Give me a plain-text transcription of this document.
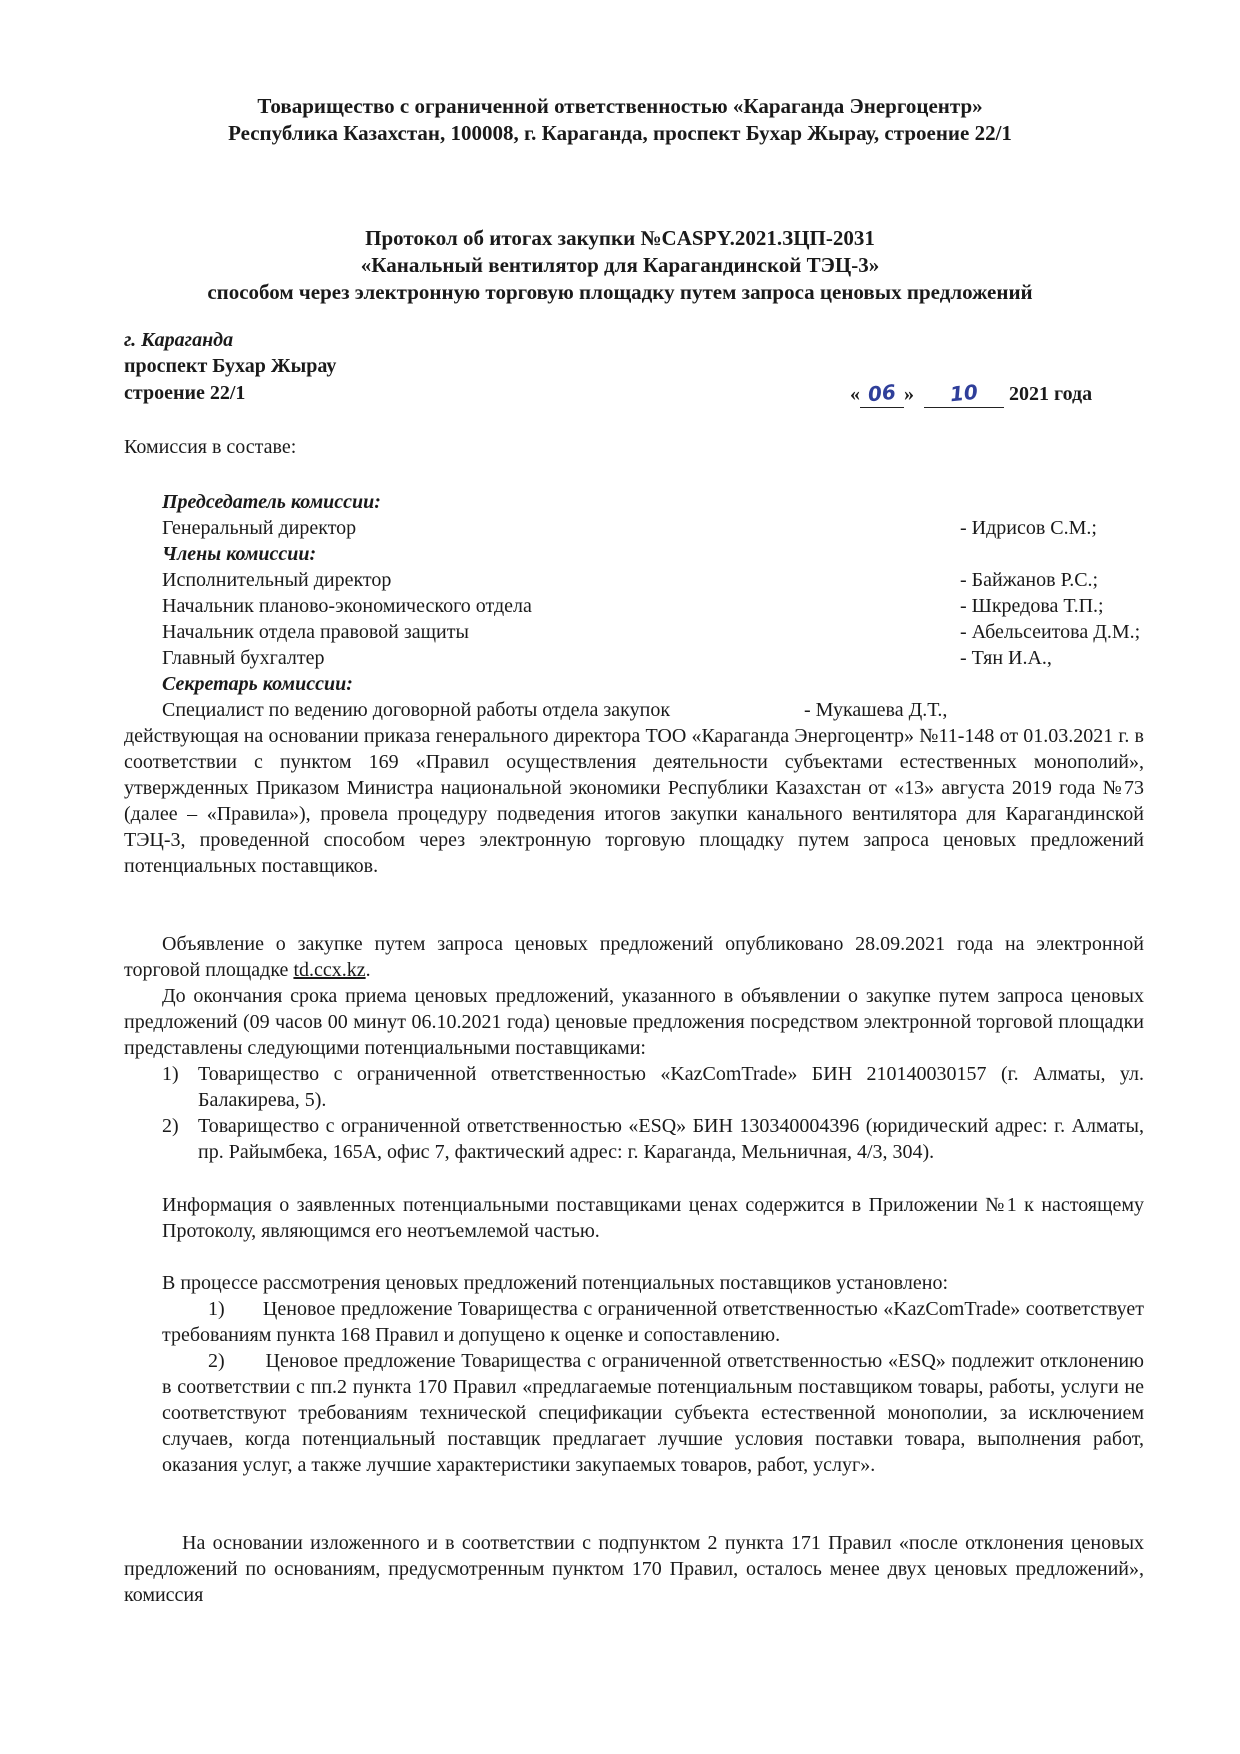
Товарищество с ограниченной ответственностью «Караганда Энергоцентр»
Республика Казахстан, 100008, г. Караганда, проспект Бухар Жырау, строение 22/1
Протокол об итогах закупки №CASPY.2021.ЗЦП-2031
«Канальный вентилятор для Карагандинской ТЭЦ-3»
способом через электронную торговую площадку путем запроса ценовых предложений
г. Караганда
проспект Бухар Жырау
строение 22/1	« 06 »  10 2021 года
Комиссия в составе:
Председатель комиссии:
Генеральный директор	- Идрисов С.М.;
Члены комиссии:
Исполнительный директор	- Байжанов Р.С.;
Начальник планово-экономического отдела	- Шкредова Т.П.;
Начальник отдела правовой защиты	- Абельсеитова Д.М.;
Главный бухгалтер	- Тян И.А.,
Секретарь комиссии:
Специалист по ведению договорной работы отдела закупок	- Мукашева Д.Т.,
действующая на основании приказа генерального директора ТОО «Караганда Энергоцентр» №11-148 от 01.03.2021 г. в соответствии с пунктом 169 «Правил осуществления деятельности субъектами естественных монополий», утвержденных Приказом Министра национальной экономики Республики Казахстан от «13» августа 2019 года №73 (далее – «Правила»), провела процедуру подведения итогов закупки канального вентилятора для Карагандинской ТЭЦ-3, проведенной способом через электронную торговую площадку путем запроса ценовых предложений потенциальных поставщиков.
Объявление о закупке путем запроса ценовых предложений опубликовано 28.09.2021 года на электронной торговой площадке td.ccx.kz.
До окончания срока приема ценовых предложений, указанного в объявлении о закупке путем запроса ценовых предложений (09 часов 00 минут 06.10.2021 года) ценовые предложения посредством электронной торговой площадки представлены следующими потенциальными поставщиками:
1) Товарищество с ограниченной ответственностью «KazComTrade» БИН 210140030157 (г. Алматы, ул. Балакирева, 5).
2) Товарищество с ограниченной ответственностью «ESQ» БИН 130340004396 (юридический адрес: г. Алматы, пр. Райымбека, 165А, офис 7, фактический адрес: г. Караганда, Мельничная, 4/3, 304).
Информация о заявленных потенциальными поставщиками ценах содержится в Приложении №1 к настоящему Протоколу, являющимся его неотъемлемой частью.
В процессе рассмотрения ценовых предложений потенциальных поставщиков установлено:
1) Ценовое предложение Товарищества с ограниченной ответственностью «KazComTrade» соответствует требованиям пункта 168 Правил и допущено к оценке и сопоставлению.
2) Ценовое предложение Товарищества с ограниченной ответственностью «ESQ» подлежит отклонению в соответствии с пп.2 пункта 170 Правил «предлагаемые потенциальным поставщиком товары, работы, услуги не соответствуют требованиям технической спецификации субъекта естественной монополии, за исключением случаев, когда потенциальный поставщик предлагает лучшие условия поставки товара, выполнения работ, оказания услуг, а также лучшие характеристики закупаемых товаров, работ, услуг».
На основании изложенного и в соответствии с подпунктом 2 пункта 171 Правил «после отклонения ценовых предложений по основаниям, предусмотренным пунктом 170 Правил, осталось менее двух ценовых предложений», комиссия
